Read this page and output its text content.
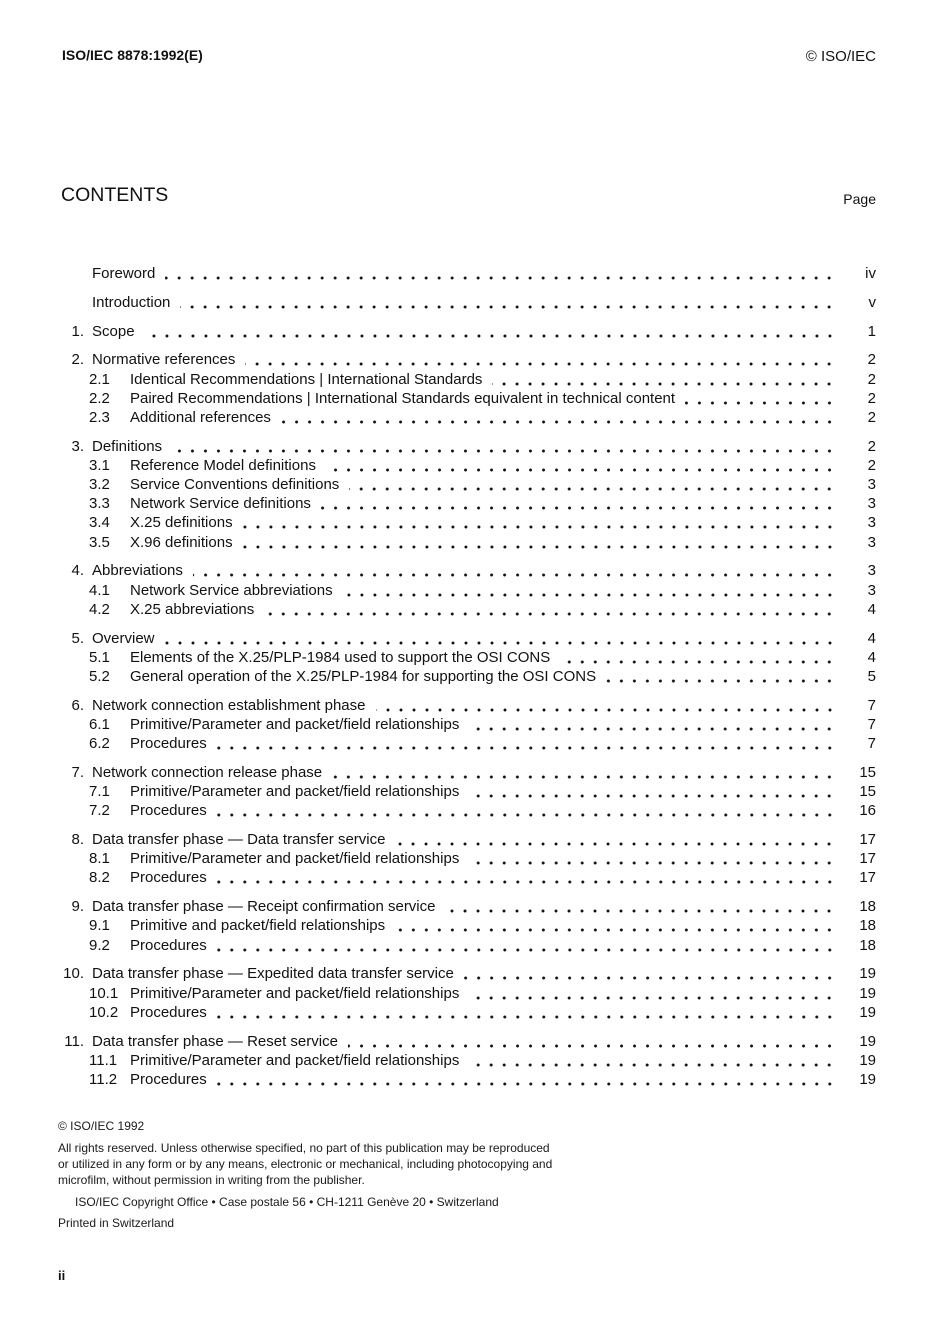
ISO/IEC 8878:1992(E)	© ISO/IEC
CONTENTS	Page
Foreword	iv
Introduction	v
1. Scope	1
2. Normative references	2
2.1	Identical Recommendations | International Standards	2
2.2	Paired Recommendations | International Standards equivalent in technical content	2
2.3	Additional references	2
3. Definitions	2
3.1	Reference Model definitions	2
3.2	Service Conventions definitions	3
3.3	Network Service definitions	3
3.4	X.25 definitions	3
3.5	X.96 definitions	3
4. Abbreviations	3
4.1	Network Service abbreviations	3
4.2	X.25 abbreviations	4
5. Overview	4
5.1	Elements of the X.25/PLP-1984 used to support the OSI CONS	4
5.2	General operation of the X.25/PLP-1984 for supporting the OSI CONS	5
6. Network connection establishment phase	7
6.1	Primitive/Parameter and packet/field relationships	7
6.2	Procedures	7
7. Network connection release phase	15
7.1	Primitive/Parameter and packet/field relationships	15
7.2	Procedures	16
8. Data transfer phase — Data transfer service	17
8.1	Primitive/Parameter and packet/field relationships	17
8.2	Procedures	17
9. Data transfer phase — Receipt confirmation service	18
9.1	Primitive and packet/field relationships	18
9.2	Procedures	18
10. Data transfer phase — Expedited data transfer service	19
10.1 Primitive/Parameter and packet/field relationships	19
10.2 Procedures	19
11. Data transfer phase — Reset service	19
11.1 Primitive/Parameter and packet/field relationships	19
11.2 Procedures	19
© ISO/IEC 1992
All rights reserved. Unless otherwise specified, no part of this publication may be reproduced
or utilized in any form or by any means, electronic or mechanical, including photocopying and
microfilm, without permission in writing from the publisher.
ISO/IEC Copyright Office • Case postale 56 • CH-1211 Genève 20 • Switzerland
Printed in Switzerland
ii
